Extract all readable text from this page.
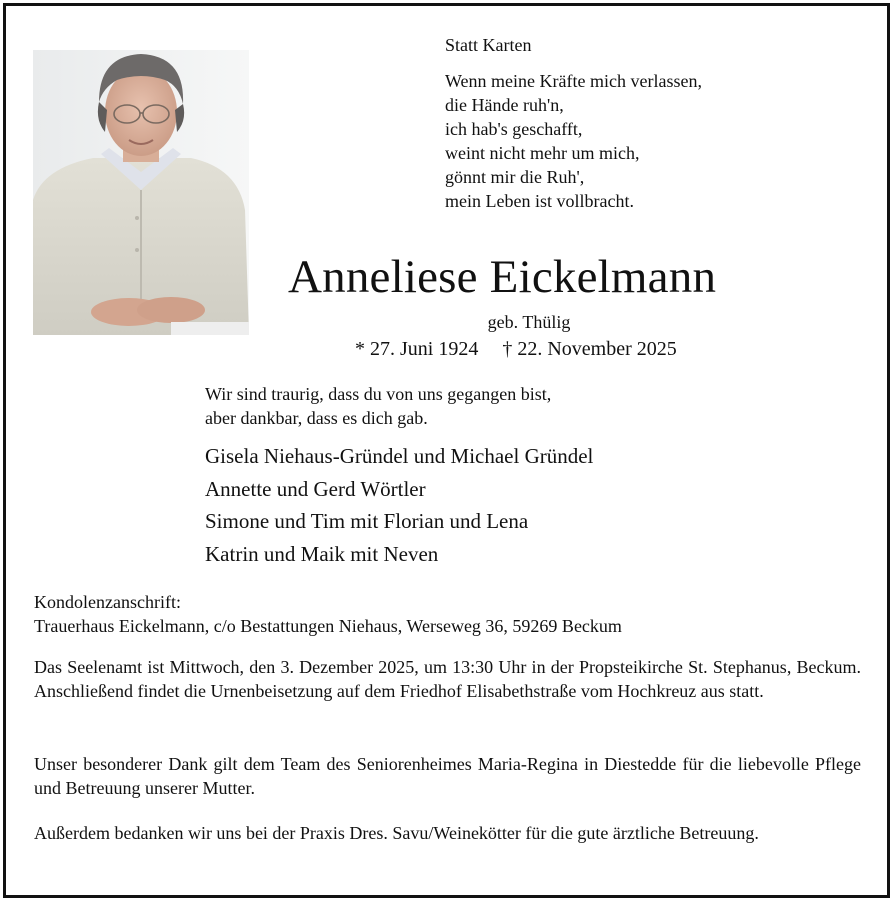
Statt Karten
Wenn meine Kräfte mich verlassen,
die Hände ruh'n,
ich hab's geschafft,
weint nicht mehr um mich,
gönnt mir die Ruh',
mein Leben ist vollbracht.
Anneliese Eickelmann
geb. Thülig
* 27. Juni 1924 † 22. November 2025
Wir sind traurig, dass du von uns gegangen bist,
aber dankbar, dass es dich gab.
Gisela Niehaus-Gründel und Michael Gründel
Annette und Gerd Wörtler
Simone und Tim mit Florian und Lena
Katrin und Maik mit Neven
Kondolenzanschrift:
Trauerhaus Eickelmann, c/o Bestattungen Niehaus, Werseweg 36, 59269 Beckum
Das Seelenamt ist Mittwoch, den 3. Dezember 2025, um 13:30 Uhr in der Propsteikirche St. Stephanus, Beckum. Anschließend findet die Urnenbeisetzung auf dem Friedhof Elisabethstraße vom Hochkreuz aus statt.
Unser besonderer Dank gilt dem Team des Seniorenheimes Maria-Regina in Diestedde für die liebevolle Pflege und Betreuung unserer Mutter.
Außerdem bedanken wir uns bei der Praxis Dres. Savu/Weinekötter für die gute ärztliche Betreuung.
